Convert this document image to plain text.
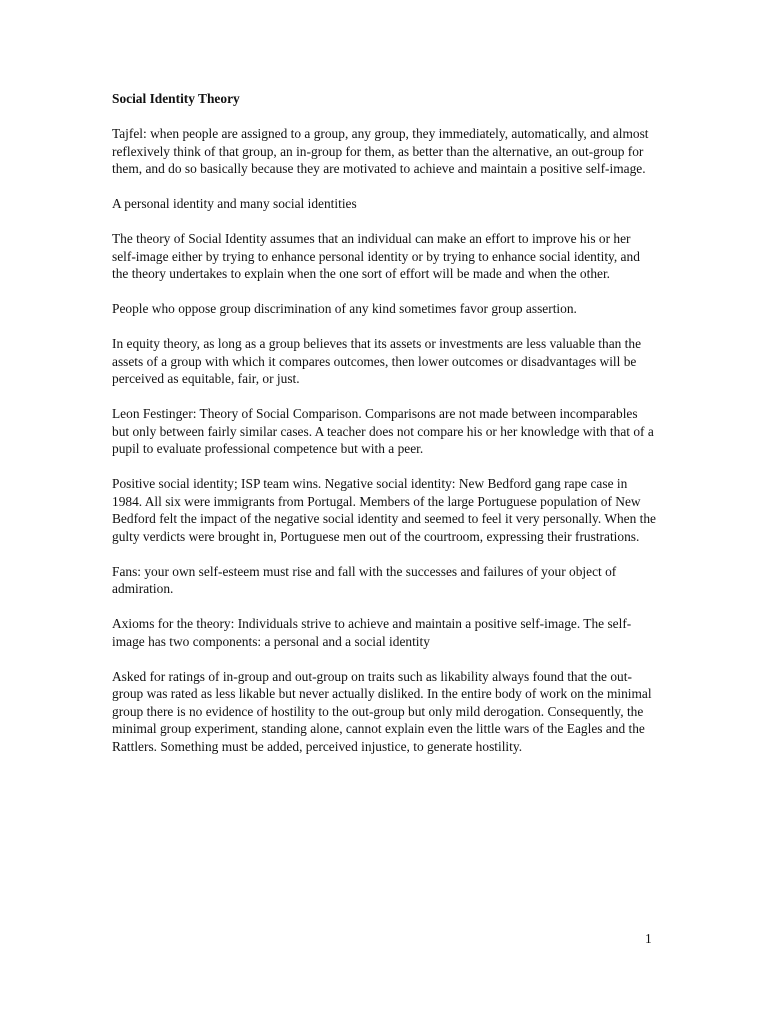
Social Identity Theory

Tajfel: when people are assigned to a group, any group, they immediately, automatically, and almost reflexively think of that group, an in-group for them, as better than the alternative, an out-group for them, and do so basically because they are motivated to achieve and maintain a positive self-image.

A personal identity and many social identities

The theory of Social Identity assumes that an individual can make an effort to improve his or her self-image either by trying to enhance personal identity or by trying to enhance social identity, and the theory undertakes to explain when the one sort of effort will be made and when the other.

People who oppose group discrimination of any kind sometimes favor group assertion.

In equity theory, as long as a group believes that its assets or investments are less valuable than the assets of a group with which it compares outcomes, then lower outcomes or disadvantages will be perceived as equitable, fair, or just.

Leon Festinger: Theory of Social Comparison. Comparisons are not made between incomparables but only between fairly similar cases. A teacher does not compare his or her knowledge with that of a pupil to evaluate professional competence but with a peer.

Positive social identity; ISP team wins. Negative social identity: New Bedford gang rape case in 1984. All six were immigrants from Portugal. Members of the large Portuguese population of New Bedford felt the impact of the negative social identity and seemed to feel it very personally. When the gulty verdicts were brought in, Portuguese men out of the courtroom, expressing their frustrations.

Fans: your own self-esteem must rise and fall with the successes and failures of your object of admiration.

Axioms for the theory: Individuals strive to achieve and maintain a positive self-image. The self-image has two components: a personal and a social identity

Asked for ratings of in-group and out-group on traits such as likability always found that the out-group was rated as less likable but never actually disliked. In the entire body of work on the minimal group there is no evidence of hostility to the out-group but only mild derogation. Consequently, the minimal group experiment, standing alone, cannot explain even the little wars of the Eagles and the Rattlers. Something must be added, perceived injustice, to generate hostility.

1
